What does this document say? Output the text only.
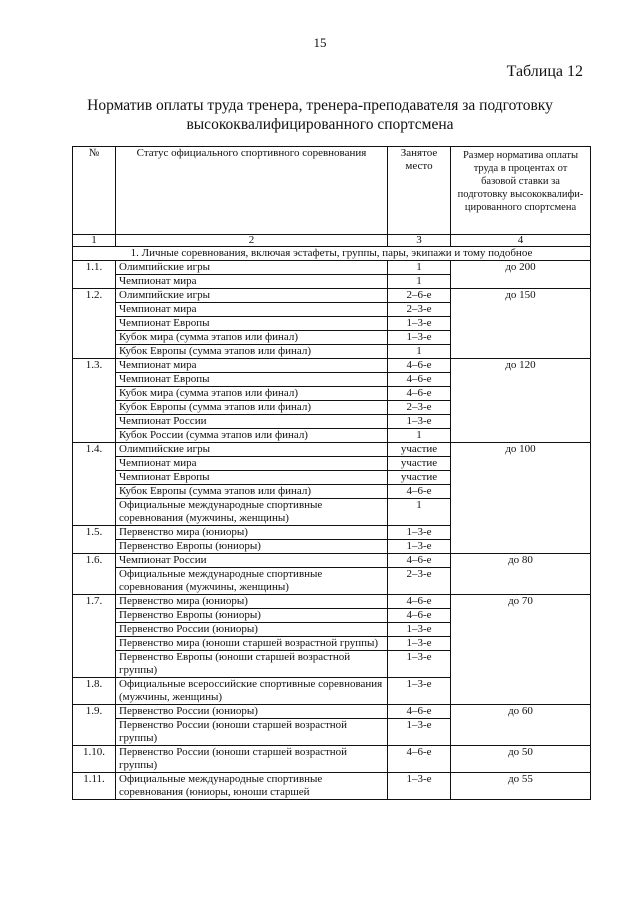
15
Таблица 12
Норматив оплаты труда тренера, тренера-преподавателя за подготовку высококвалифицированного спортсмена
№	Статус официального спортивного соревнования	Занятое место	Размер норматива оплаты труда в процентах от базовой ставки за подготовку высококвалифи-цированного спортсмена
1	2	3	4
1. Личные соревнования, включая эстафеты, группы, пары, экипажи и тому подобное			
1.1.	Олимпийские игры	1	до 200
	Чемпионат мира	1	
1.2.	Олимпийские игры	2–6-е	до 150
	Чемпионат мира	2–3-е	
	Чемпионат Европы	1–3-е	
	Кубок мира (сумма этапов или финал)	1–3-е	
	Кубок Европы (сумма этапов или финал)	1	
1.3.	Чемпионат мира	4–6-е	до 120
	Чемпионат Европы	4–6-е	
	Кубок мира (сумма этапов или финал)	4–6-е	
	Кубок Европы (сумма этапов или финал)	2–3-е	
	Чемпионат России	1–3-е	
	Кубок России (сумма этапов или финал)	1	
1.4.	Олимпийские игры	участие	до 100
	Чемпионат мира	участие	
	Чемпионат Европы	участие	
	Кубок Европы (сумма этапов или финал)	4–6-е	
	Официальные международные спортивные соревнования (мужчины, женщины)	1	
1.5.	Первенство мира (юниоры)	1–3-е	
	Первенство Европы (юниоры)	1–3-е	
1.6.	Чемпионат России	4–6-е	до 80
	Официальные международные спортивные соревнования (мужчины, женщины)	2–3-е	
1.7.	Первенство мира (юниоры)	4–6-е	до 70
	Первенство Европы (юниоры)	4–6-е	
	Первенство России (юниоры)	1–3-е	
	Первенство мира (юноши старшей возрастной группы)	1–3-е	
	Первенство Европы (юноши старшей возрастной группы)	1–3-е	
1.8.	Официальные всероссийские спортивные соревнования (мужчины, женщины)	1–3-е	
1.9.	Первенство России (юниоры)	4–6-е	до 60
	Первенство России (юноши старшей возрастной группы)	1–3-е	
1.10.	Первенство России (юноши старшей возрастной группы)	4–6-е	до 50
1.11.	Официальные международные спортивные соревнования (юниоры, юноши старшей	1–3-е	до 55
